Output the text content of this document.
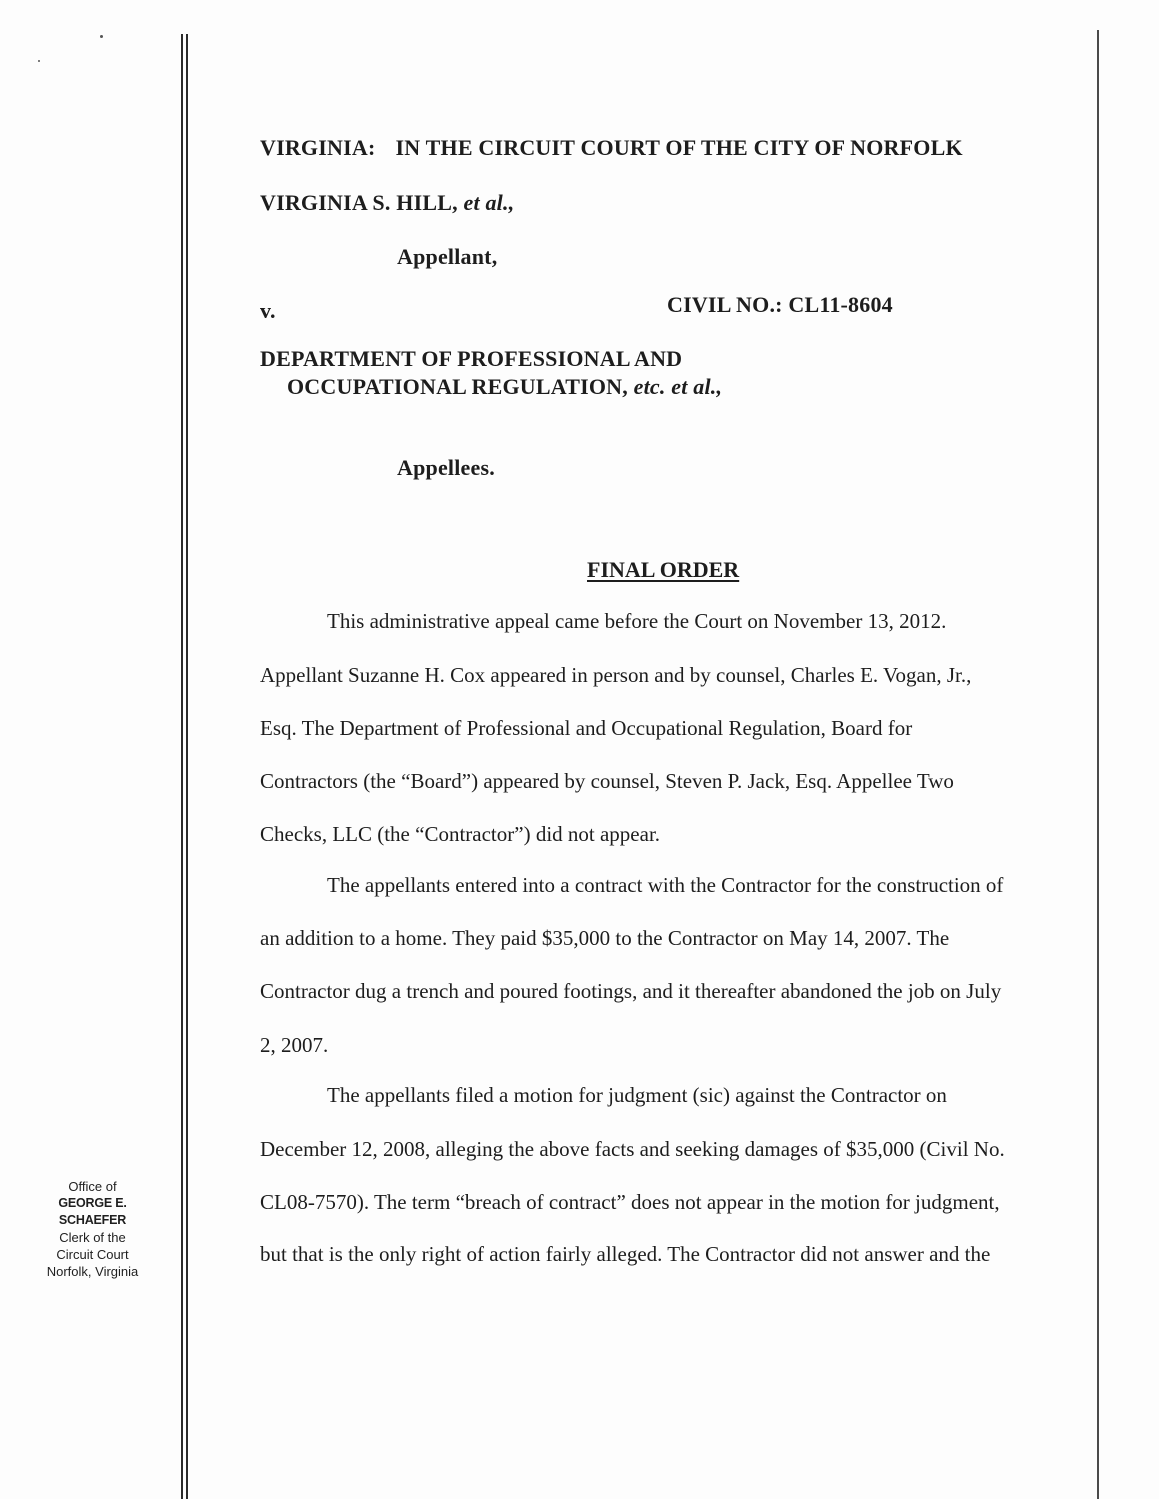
VIRGINIA: IN THE CIRCUIT COURT OF THE CITY OF NORFOLK
VIRGINIA S. HILL, et al.,
Appellant,
v.	CIVIL NO.: CL11-8604
DEPARTMENT OF PROFESSIONAL AND
OCCUPATIONAL REGULATION, etc. et al.,
Appellees.
FINAL ORDER
This administrative appeal came before the Court on November 13, 2012.
Appellant Suzanne H. Cox appeared in person and by counsel, Charles E. Vogan, Jr.,
Esq. The Department of Professional and Occupational Regulation, Board for
Contractors (the “Board”) appeared by counsel, Steven P. Jack, Esq. Appellee Two
Checks, LLC (the “Contractor”) did not appear.
The appellants entered into a contract with the Contractor for the construction of
an addition to a home. They paid $35,000 to the Contractor on May 14, 2007. The
Contractor dug a trench and poured footings, and it thereafter abandoned the job on July
2, 2007.
The appellants filed a motion for judgment (sic) against the Contractor on
December 12, 2008, alleging the above facts and seeking damages of $35,000 (Civil No.
CL08-7570). The term “breach of contract” does not appear in the motion for judgment,
but that is the only right of action fairly alleged. The Contractor did not answer and the
Office of
GEORGE E. SCHAEFER
Clerk of the
Circuit Court
Norfolk, Virginia
